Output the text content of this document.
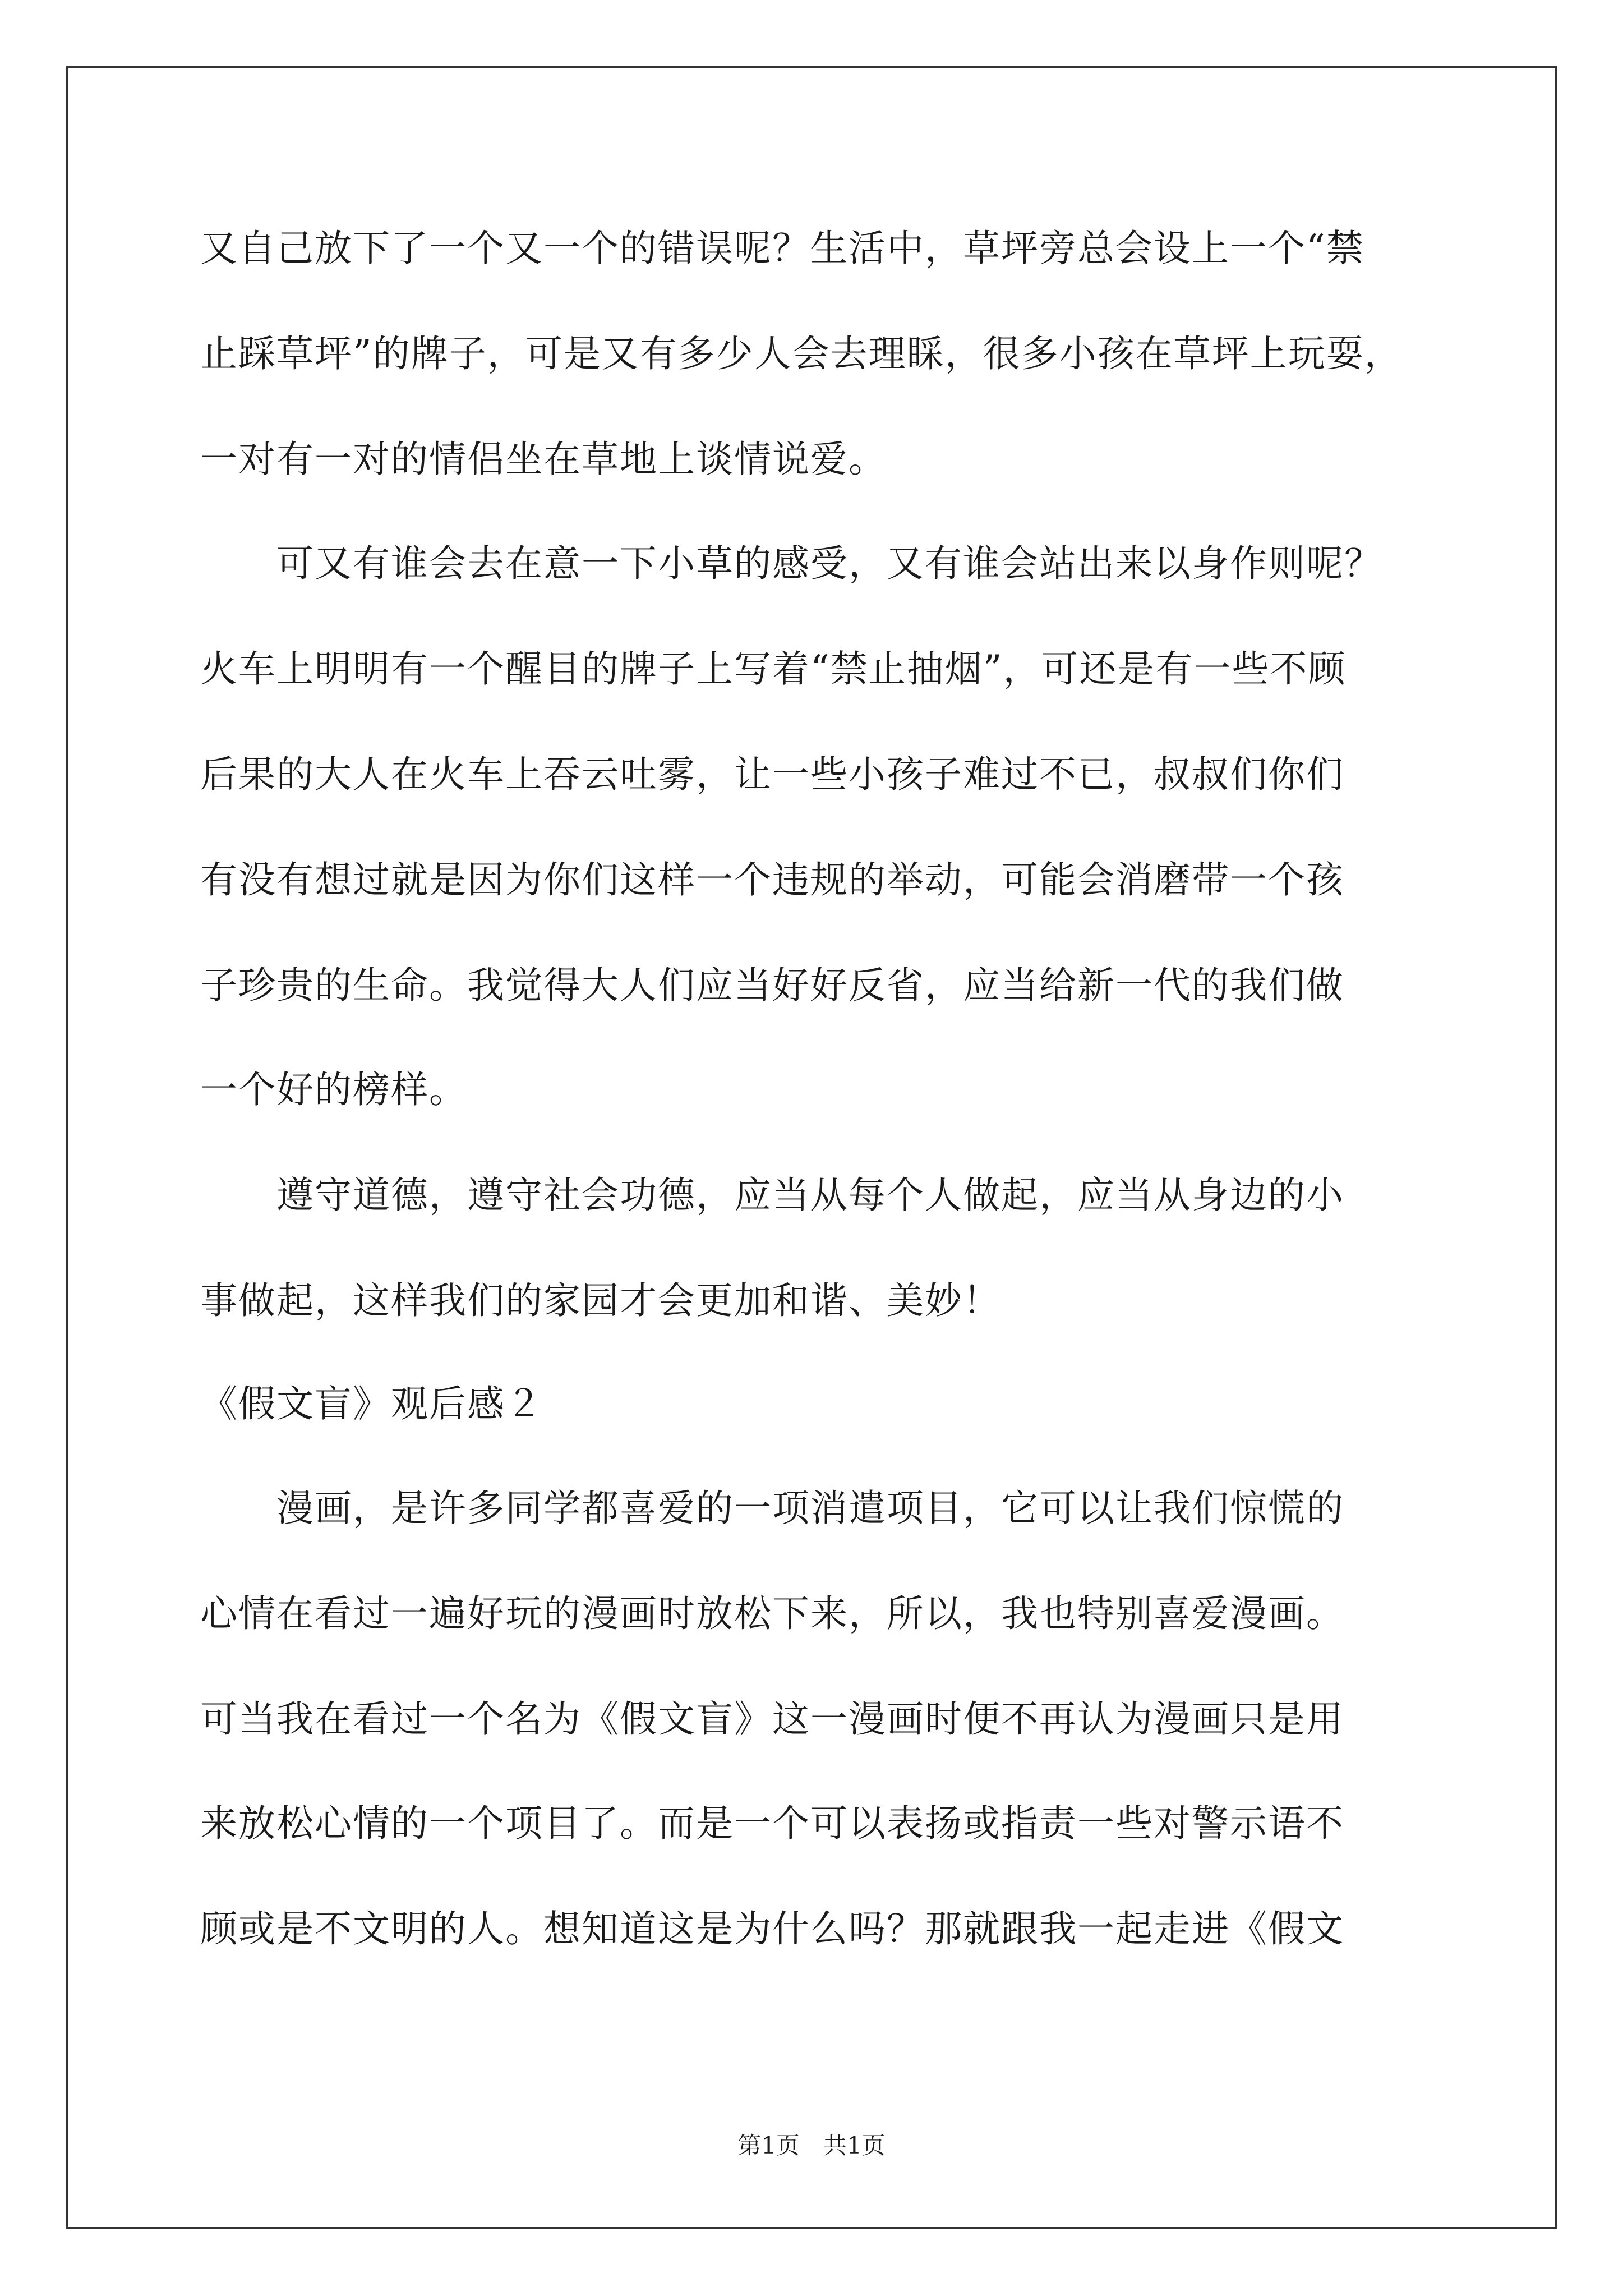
又自己放下了一个又一个的错误呢？生活中，草坪旁总会设上一个“禁
止踩草坪”的牌子，可是又有多少人会去理睬，很多小孩在草坪上玩耍，
一对有一对的情侣坐在草地上谈情说爱。
　　可又有谁会去在意一下小草的感受，又有谁会站出来以身作则呢？
火车上明明有一个醒目的牌子上写着“禁止抽烟”，可还是有一些不顾
后果的大人在火车上吞云吐雾，让一些小孩子难过不已，叔叔们你们
有没有想过就是因为你们这样一个违规的举动，可能会消磨带一个孩
子珍贵的生命。我觉得大人们应当好好反省，应当给新一代的我们做
一个好的榜样。
　　遵守道德，遵守社会功德，应当从每个人做起，应当从身边的小
事做起，这样我们的家园才会更加和谐、美妙！
《假文盲》观后感２
　　漫画，是许多同学都喜爱的一项消遣项目，它可以让我们惊慌的
心情在看过一遍好玩的漫画时放松下来，所以，我也特别喜爱漫画。
可当我在看过一个名为《假文盲》这一漫画时便不再认为漫画只是用
来放松心情的一个项目了。而是一个可以表扬或指责一些对警示语不
顾或是不文明的人。想知道这是为什么吗？那就跟我一起走进《假文
第1页　共1页
